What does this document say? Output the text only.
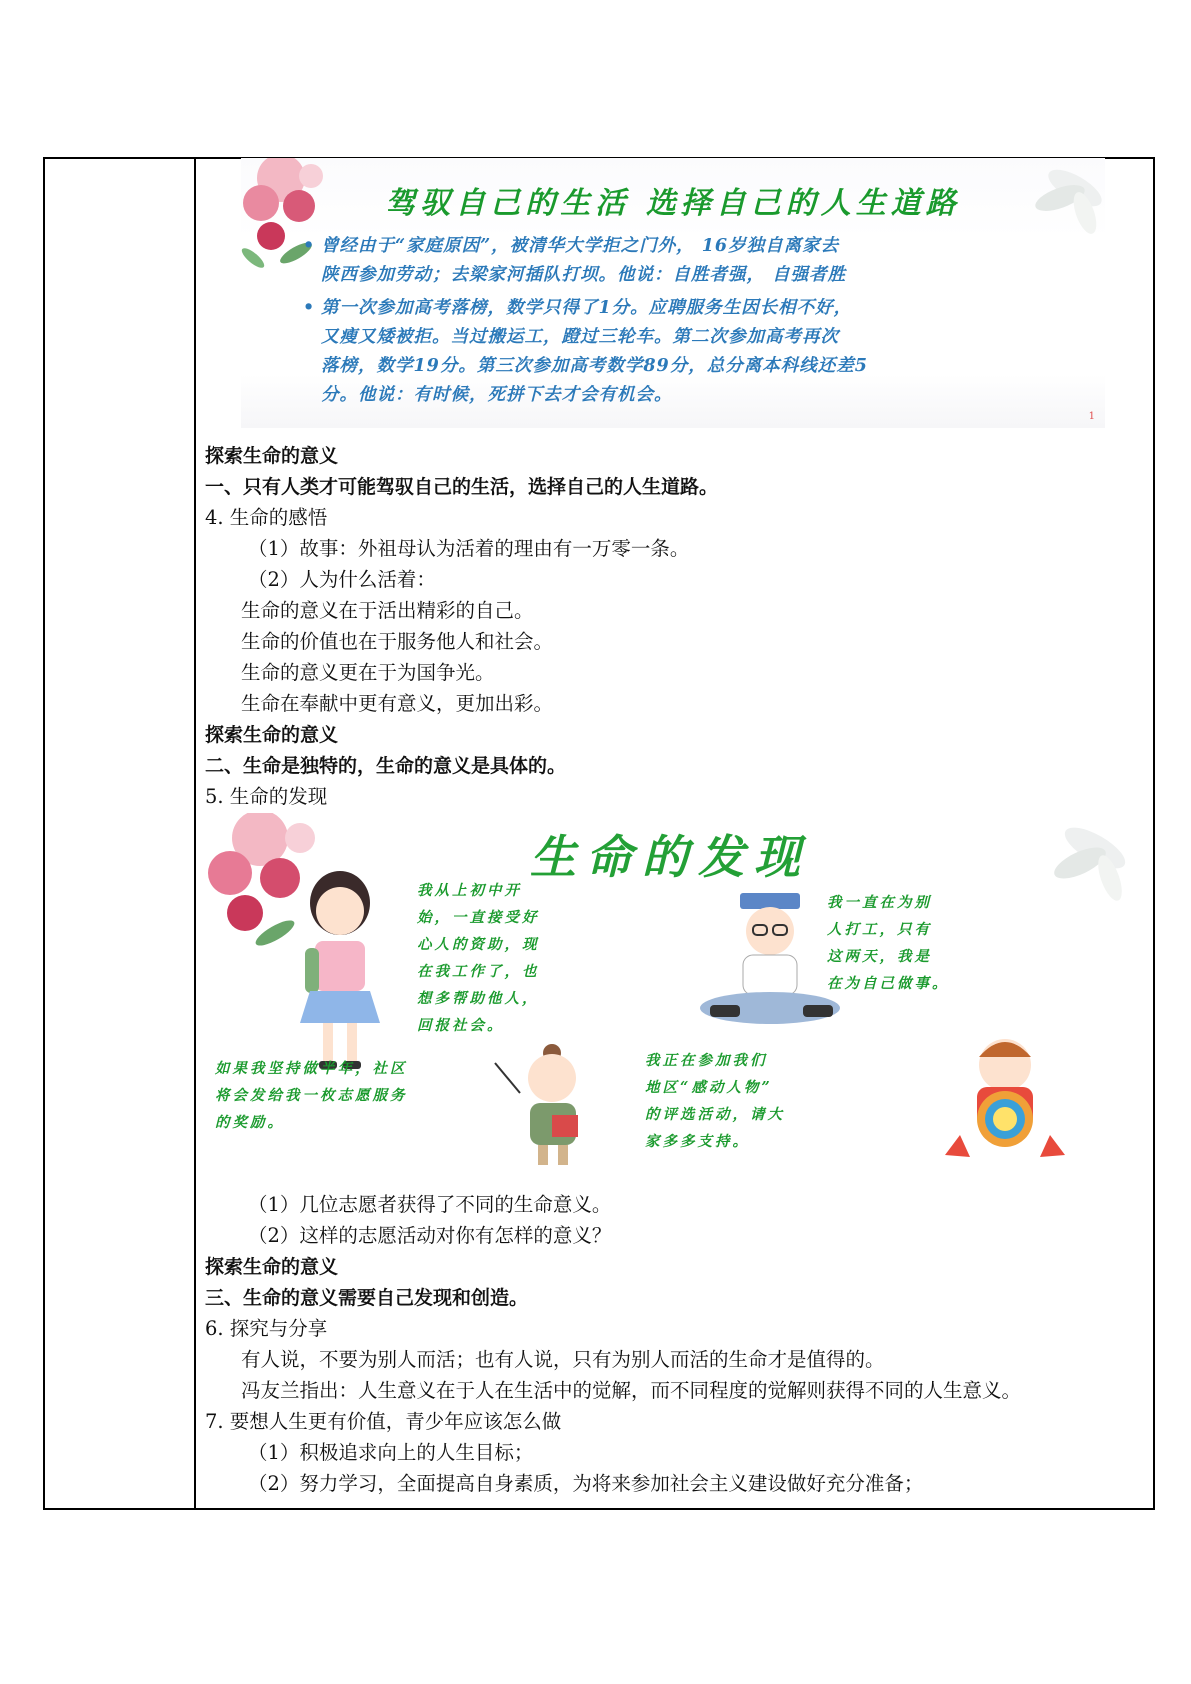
驾驭自己的生活 选择自己的人生道路
• 曾经由于“家庭原因”，被清华大学拒之门外， 16岁独自离家去
陕西参加劳动；去梁家河插队打坝。他说：自胜者强， 自强者胜
• 第一次参加高考落榜，数学只得了1分。应聘服务生因长相不好，
又瘦又矮被拒。当过搬运工，蹬过三轮车。第二次参加高考再次
落榜，数学19分。第三次参加高考数学89分，总分离本科线还差5
分。他说：有时候，死拼下去才会有机会。
1
探索生命的意义
一、只有人类才可能驾驭自己的生活，选择自己的人生道路。
4. 生命的感悟
（1）故事：外祖母认为活着的理由有一万零一条。
（2）人为什么活着：
生命的意义在于活出精彩的自己。
生命的价值也在于服务他人和社会。
生命的意义更在于为国争光。
生命在奉献中更有意义，更加出彩。
探索生命的意义
二、生命是独特的，生命的意义是具体的。
5. 生命的发现
生命的发现
我从上初中开
始，一直接受好
心人的资助，现
在我工作了，也
想多帮助他人，
回报社会。
我一直在为别
人打工，只有
这两天，我是
在为自己做事。
如果我坚持做半年，社区
将会发给我一枚志愿服务
的奖励。
我正在参加我们
地区“感动人物”
的评选活动，请大
家多多支持。
（1）几位志愿者获得了不同的生命意义。
（2）这样的志愿活动对你有怎样的意义？
探索生命的意义
三、生命的意义需要自己发现和创造。
6. 探究与分享
有人说，不要为别人而活；也有人说，只有为别人而活的生命才是值得的。
冯友兰指出：人生意义在于人在生活中的觉解，而不同程度的觉解则获得不同的人生意义。
7. 要想人生更有价值，青少年应该怎么做
（1）积极追求向上的人生目标；
（2）努力学习，全面提高自身素质，为将来参加社会主义建设做好充分准备；
